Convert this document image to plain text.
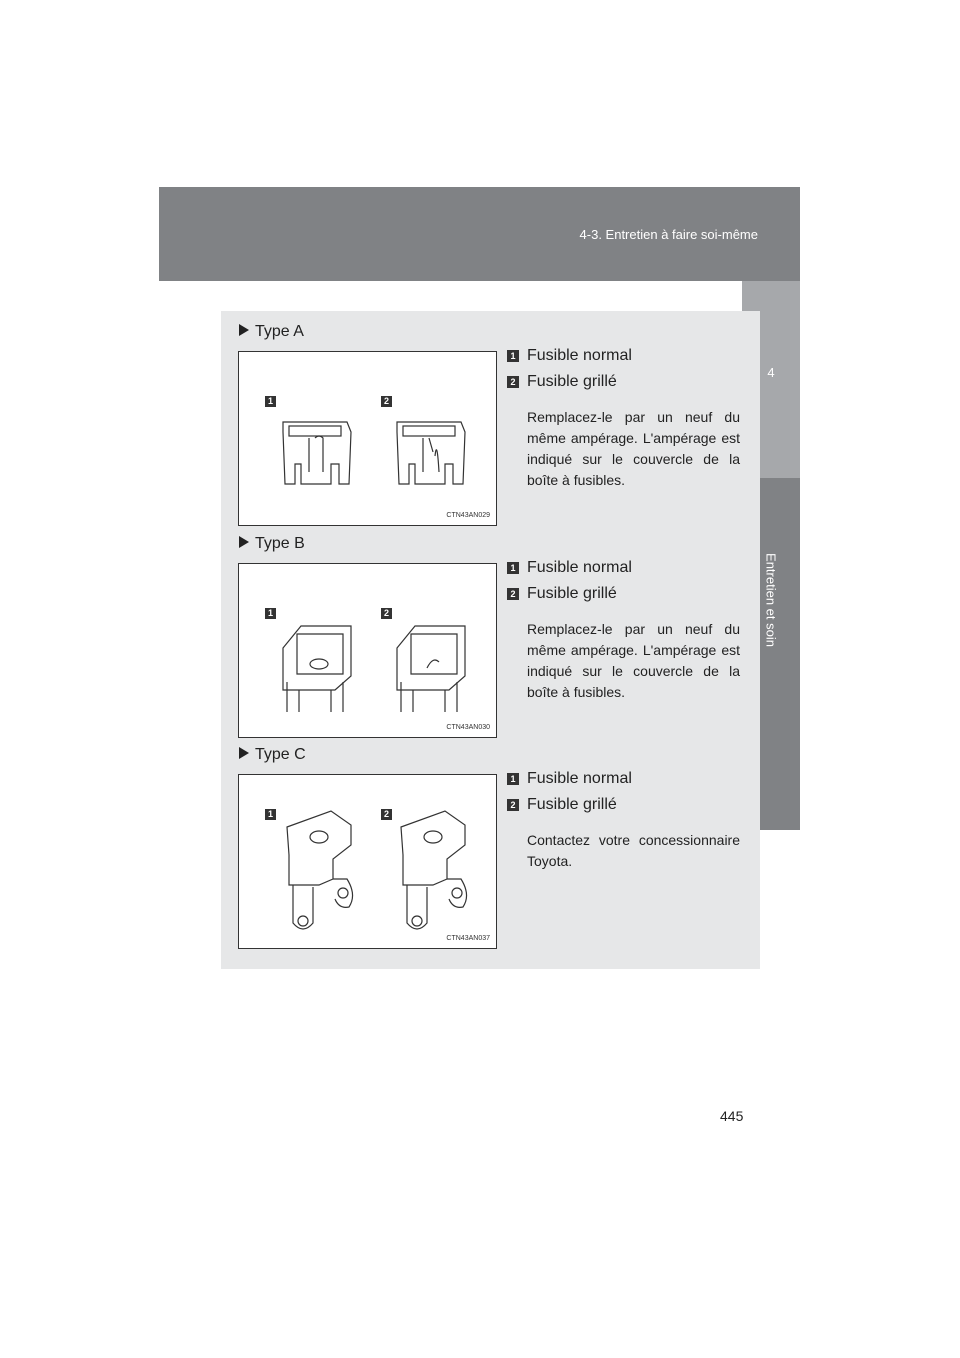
4-3. Entretien à faire soi-même
4
Entretien et soin
Type A
1	2
CTN43AN029
1 Fusible normal
2 Fusible grillé
Remplacez-le par un neuf du même ampérage. L'ampérage est indiqué sur le couvercle de la boîte à fusibles.
Type B
1	2
CTN43AN030
1 Fusible normal
2 Fusible grillé
Remplacez-le par un neuf du même ampérage. L'ampérage est indiqué sur le couvercle de la boîte à fusibles.
Type C
1	2
CTN43AN037
1 Fusible normal
2 Fusible grillé
Contactez votre concessionnaire Toyota.
445
